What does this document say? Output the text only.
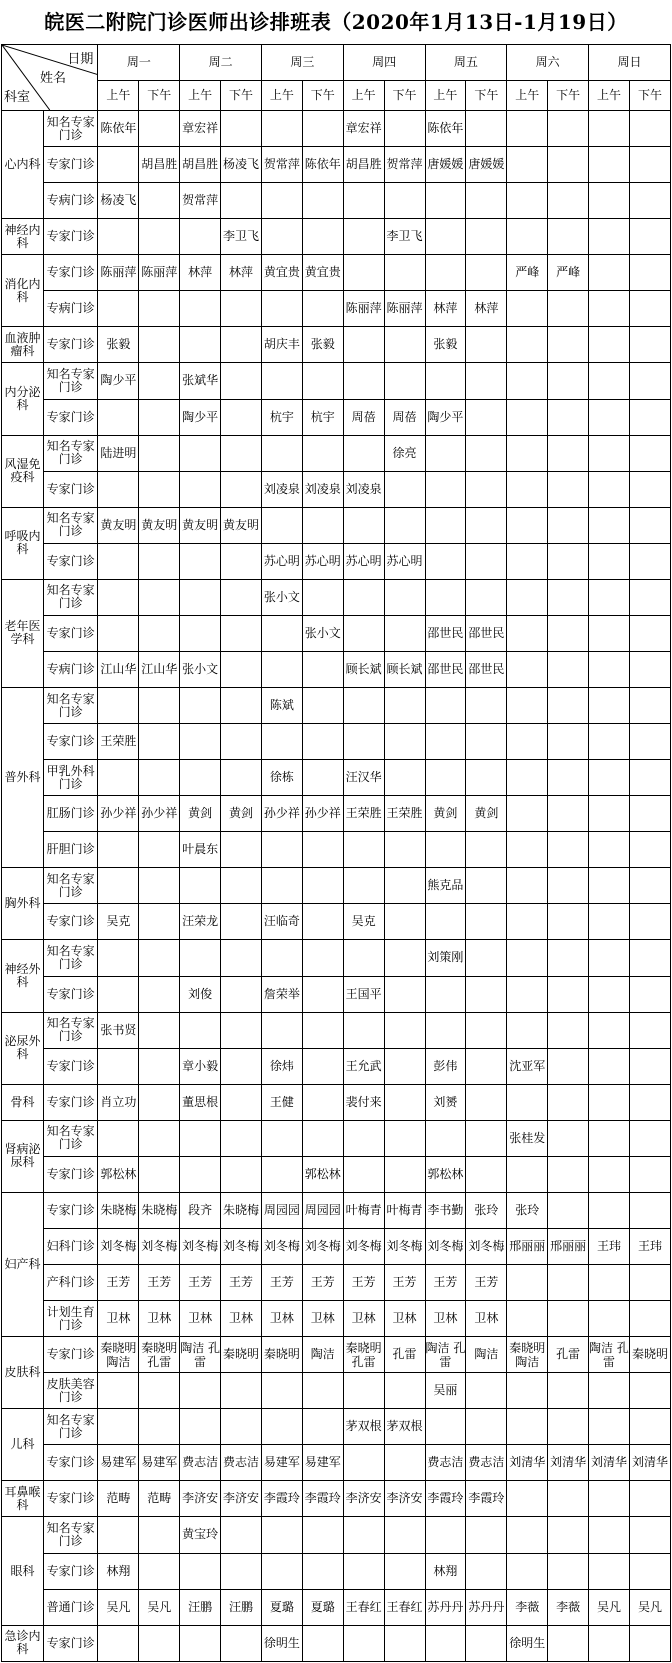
皖医二附院门诊医师出诊排班表（2020年1月13日-1月19日）
日期
姓名
科室		周一		周二		周三		周四		周五		周六		周日	
		上午	下午	上午	下午	上午	下午	上午	下午	上午	下午	上午	下午	上午	下午
心内科	知名专家门诊	陈依年		章宏祥				章宏祥		陈依年					
	专家门诊		胡昌胜	胡昌胜	杨凌飞	贺常萍	陈依年	胡昌胜	贺常萍	唐媛媛	唐媛媛				
	专病门诊	杨凌飞		贺常萍											
神经内科	专家门诊				李卫飞				李卫飞						
消化内科	专家门诊	陈丽萍	陈丽萍	林萍	林萍	黄宜贵	黄宜贵					严峰	严峰		
	专病门诊							陈丽萍	陈丽萍	林萍	林萍				
血液肿瘤科	专家门诊	张毅				胡庆丰	张毅			张毅					
内分泌科	知名专家门诊	陶少平		张斌华											
	专家门诊			陶少平		杭宇	杭宇	周蓓	周蓓	陶少平					
风湿免疫科	知名专家门诊	陆进明							徐亮						
	专家门诊					刘凌泉	刘凌泉	刘凌泉							
呼吸内科	知名专家门诊	黄友明	黄友明	黄友明	黄友明										
	专家门诊					苏心明	苏心明	苏心明	苏心明						
老年医学科	知名专家门诊					张小文									
	专家门诊						张小文			邵世民	邵世民				
	专病门诊	江山华	江山华	张小文				顾长斌	顾长斌	邵世民	邵世民				
普外科	知名专家门诊					陈斌									
	专家门诊	王荣胜													
	甲乳外科门诊					徐栋		汪汉华							
	肛肠门诊	孙少祥	孙少祥	黄剑	黄剑	孙少祥	孙少祥	王荣胜	王荣胜	黄剑	黄剑				
	肝胆门诊			叶晨东											
胸外科	知名专家门诊									熊克品					
	专家门诊	吴克		汪荣龙		汪临奇		吴克							
神经外科	知名专家门诊									刘策刚					
	专家门诊			刘俊		詹荣举		王国平							
泌尿外科	知名专家门诊	张书贤													
	专家门诊			章小毅		徐炜		王允武		彭伟		沈亚军			
骨科	专家门诊	肖立功		董思根		王健		裴付来		刘赟					
肾病泌尿科	知名专家门诊											张桂发			
	专家门诊	郭松林					郭松林			郭松林					
妇产科	专家门诊	朱晓梅	朱晓梅	段齐	朱晓梅	周园园	周园园	叶梅青	叶梅青	李书勤	张玲	张玲			
	妇科门诊	刘冬梅	刘冬梅	刘冬梅	刘冬梅	刘冬梅	刘冬梅	刘冬梅	刘冬梅	刘冬梅	刘冬梅	邢丽丽	邢丽丽	王玮	王玮
	产科门诊	王芳	王芳	王芳	王芳	王芳	王芳	王芳	王芳	王芳	王芳				
	计划生育门诊	卫林	卫林	卫林	卫林	卫林	卫林	卫林	卫林	卫林	卫林				
皮肤科	专家门诊	秦晓明 陶洁	秦晓明 孔雷	陶洁 孔雷	秦晓明	秦晓明	陶洁	秦晓明 孔雷	孔雷	陶洁 孔雷	陶洁	秦晓明 陶洁	孔雷	陶洁 孔雷	秦晓明
	皮肤美容门诊									吴丽					
儿科	知名专家门诊							茅双根	茅双根						
	专家门诊	易建军	易建军	费志洁	费志洁	易建军	易建军			费志洁	费志洁	刘清华	刘清华	刘清华	刘清华
耳鼻喉科	专家门诊	范畴	范畴	李济安	李济安	李霞玲	李霞玲	李济安	李济安	李霞玲	李霞玲				
眼科	知名专家门诊			黄宝玲											
	专家门诊	林翔								林翔					
	普通门诊	吴凡	吴凡	汪鹏	汪鹏	夏璐	夏璐	王春红	王春红	苏丹丹	苏丹丹	李薇	李薇	吴凡	吴凡
急诊内科	专家门诊					徐明生						徐明生			
